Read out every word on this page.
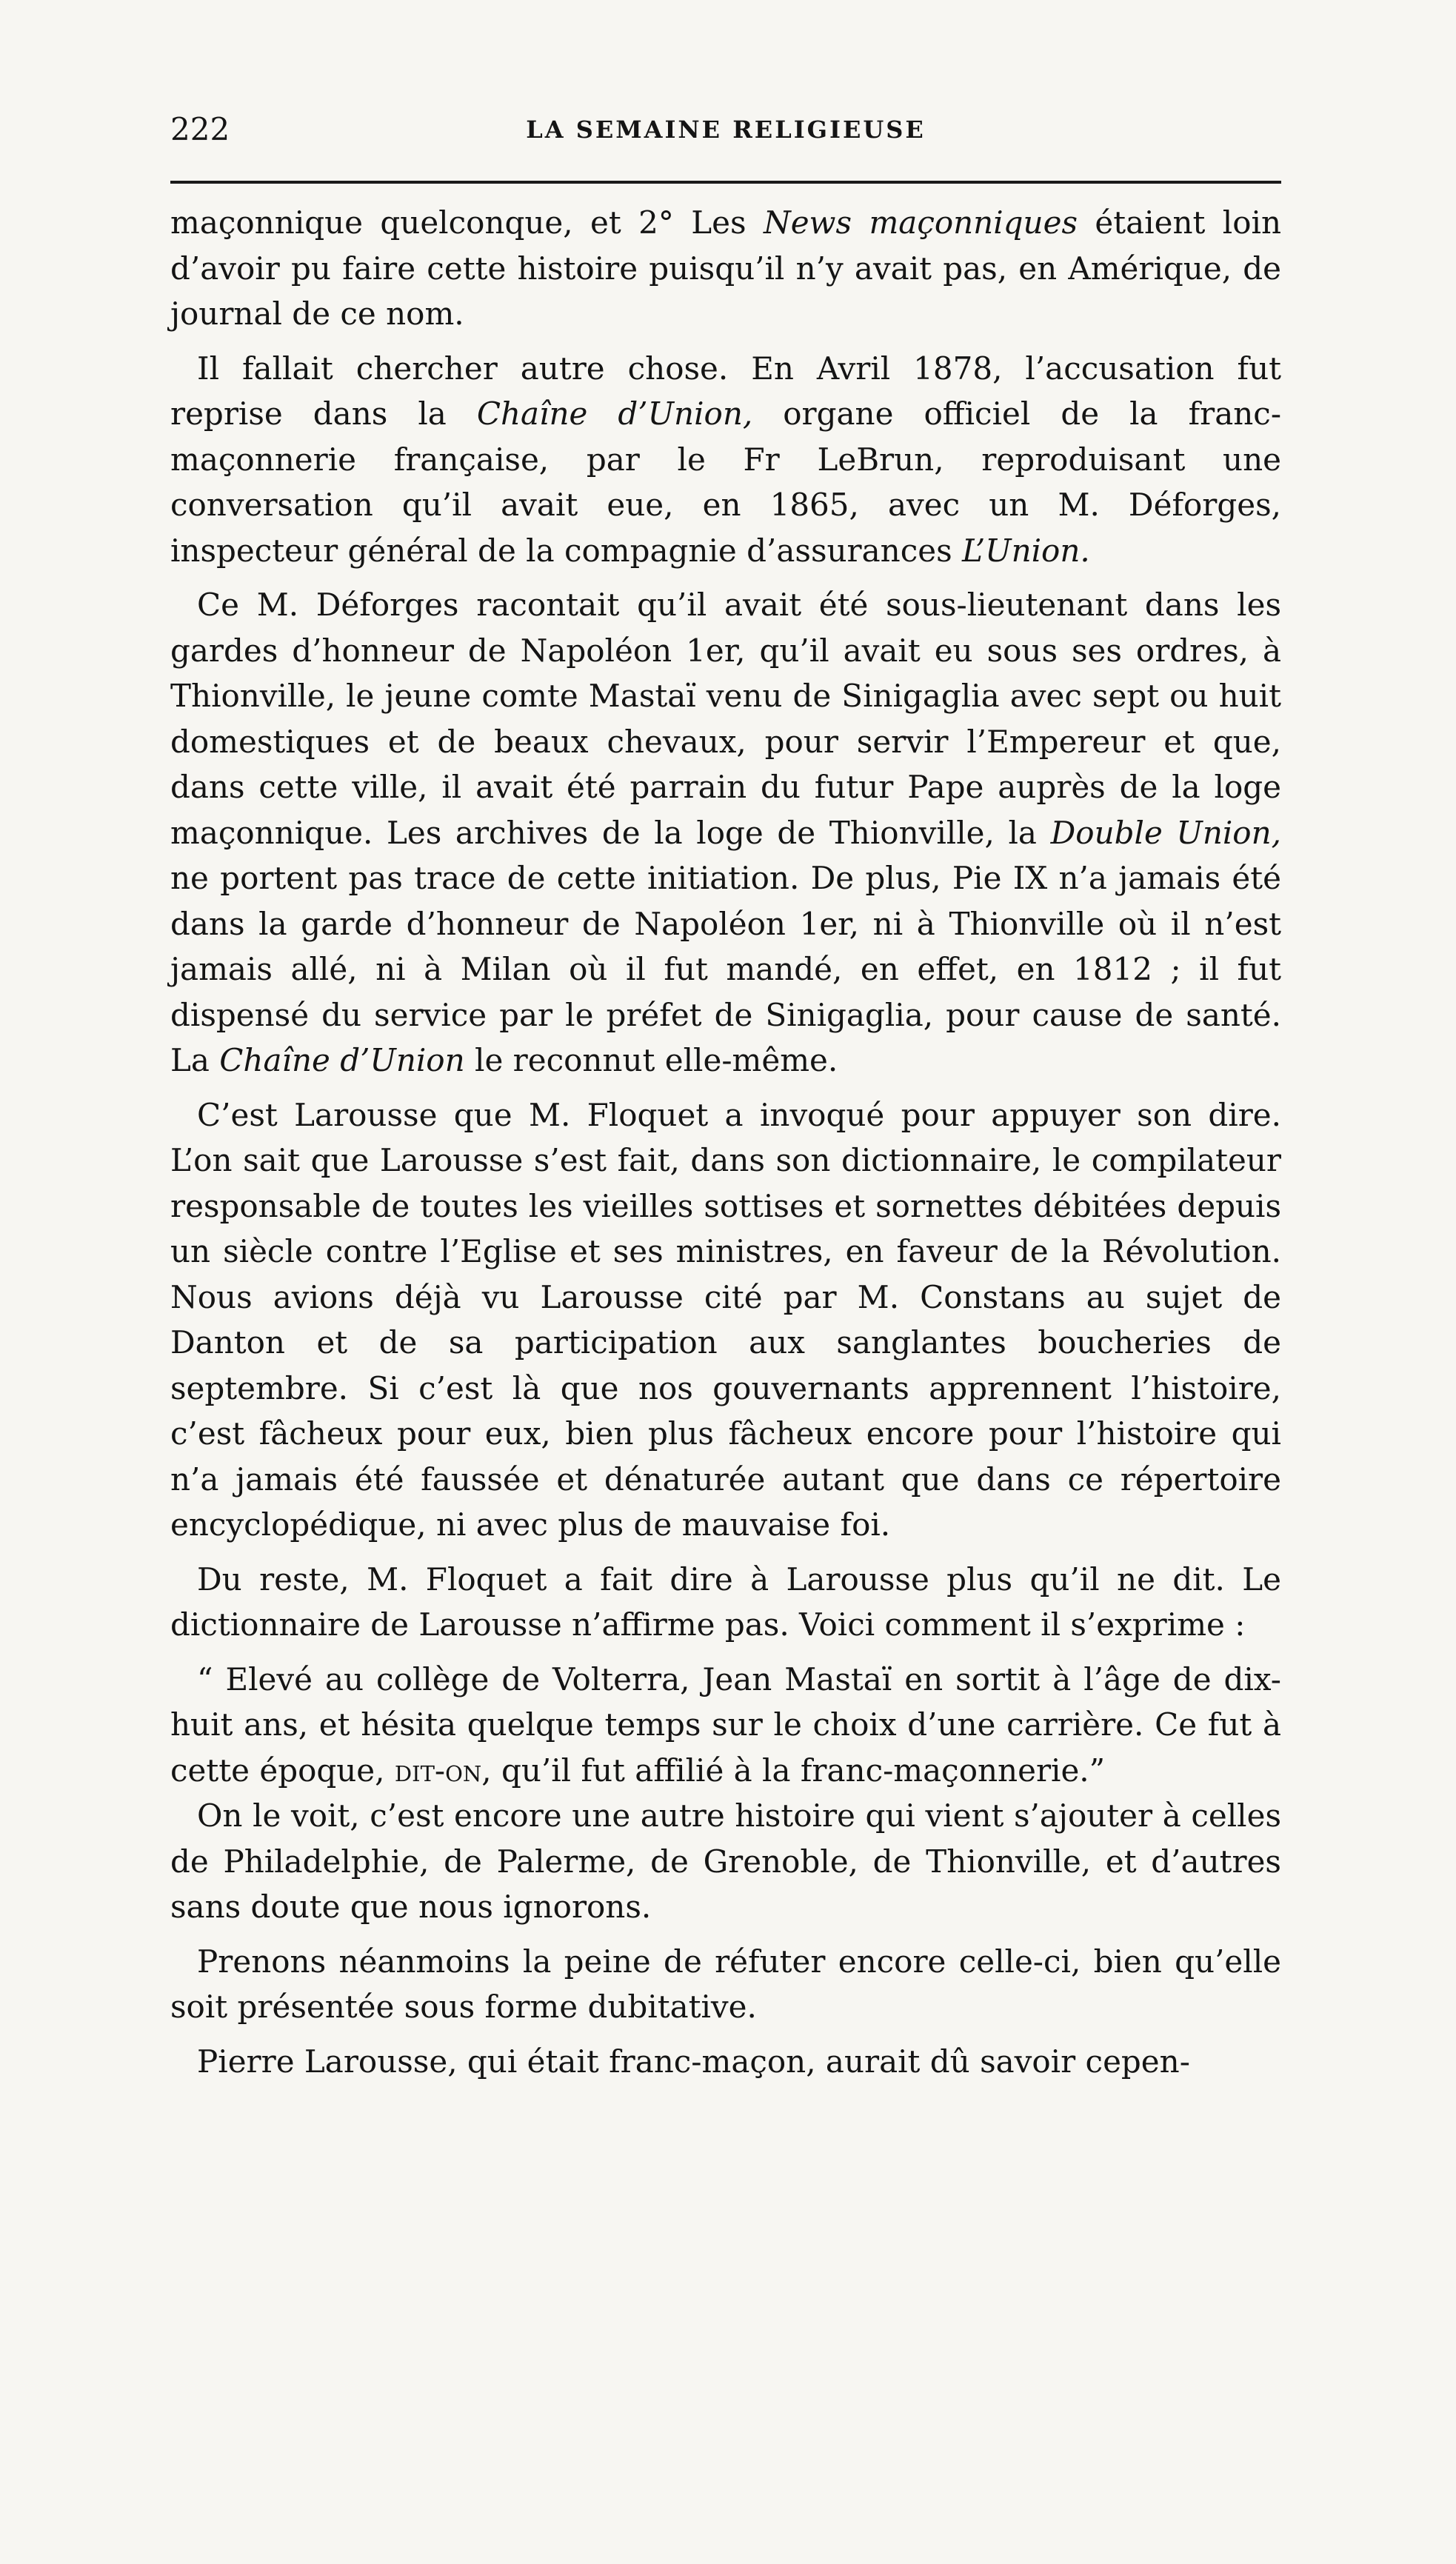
222	LA SEMAINE RELIGIEUSE

maçonnique quelconque, et 2° Les News maçonniques étaient loin d’avoir pu faire cette histoire puisqu’il n’y avait pas, en Amérique, de journal de ce nom.

Il fallait chercher autre chose. En Avril 1878, l’accusation fut reprise dans la Chaîne d’Union, organe officiel de la franc-maçonnerie française, par le Fr LeBrun, reproduisant une conversation qu’il avait eue, en 1865, avec un M. Déforges, inspecteur général de la compagnie d’assurances L’Union.

Ce M. Déforges racontait qu’il avait été sous-lieutenant dans les gardes d’honneur de Napoléon 1er, qu’il avait eu sous ses ordres, à Thionville, le jeune comte Mastaï venu de Sinigaglia avec sept ou huit domestiques et de beaux chevaux, pour servir l’Empereur et que, dans cette ville, il avait été parrain du futur Pape auprès de la loge maçonnique. Les archives de la loge de Thionville, la Double Union, ne portent pas trace de cette initiation. De plus, Pie IX n’a jamais été dans la garde d’honneur de Napoléon 1er, ni à Thionville où il n’est jamais allé, ni à Milan où il fut mandé, en effet, en 1812 ; il fut dispensé du service par le préfet de Sinigaglia, pour cause de santé. La Chaîne d’Union le reconnut elle-même.

C’est Larousse que M. Floquet a invoqué pour appuyer son dire. L’on sait que Larousse s’est fait, dans son dictionnaire, le compilateur responsable de toutes les vieilles sottises et sornettes débitées depuis un siècle contre l’Eglise et ses ministres, en faveur de la Révolution. Nous avions déjà vu Larousse cité par M. Constans au sujet de Danton et de sa participation aux sanglantes boucheries de septembre. Si c’est là que nos gouvernants apprennent l’histoire, c’est fâcheux pour eux, bien plus fâcheux encore pour l’histoire qui n’a jamais été faussée et dénaturée autant que dans ce répertoire encyclopédique, ni avec plus de mauvaise foi.

Du reste, M. Floquet a fait dire à Larousse plus qu’il ne dit. Le dictionnaire de Larousse n’affirme pas. Voici comment il s’exprime :

“ Elevé au collège de Volterra, Jean Mastaï en sortit à l’âge de dix-huit ans, et hésita quelque temps sur le choix d’une carrière. Ce fut à cette époque, dit-on, qu’il fut affilié à la franc-maçonnerie.”

On le voit, c’est encore une autre histoire qui vient s’ajouter à celles de Philadelphie, de Palerme, de Grenoble, de Thionville, et d’autres sans doute que nous ignorons.

Prenons néanmoins la peine de réfuter encore celle-ci, bien qu’elle soit présentée sous forme dubitative.

Pierre Larousse, qui était franc-maçon, aurait dû savoir cepen-
